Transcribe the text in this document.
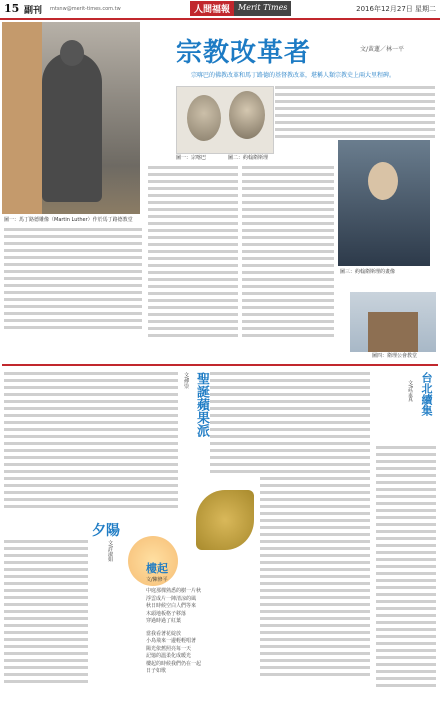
15 副刊 mtsnw@merit-times.com.tw	人間福報	Merit Times	2016年12月27日 星期二
圖一：馬丁路德雕像（Martin Luther）作於馬丁路德教堂
宗教改革者	文/黃蓮／林一平
宗喀巴的佛教改革和馬丁路德的基督教改革，堪稱人類宗教史上兩大里程碑。
圖一：宗喀巴	圖二：約翰衛斯理
圖三：約翰衛斯理的畫像
圖四：衛理公會教堂
聖誕蘋果派
文/傅崇	台北續集
文/武孟真
夕陽
文/許淑娟
樓起
文/陳修平
中庭那棵熟悉的樹一片秋
浮雲成片一陣清涼的風
秋日時候空白人們等來
木頭地板格子移落
穿過時過了紅葉
當我看著花綻放
小鳥飛來一邊輕輕唱著
陽光依舊照亮每一天
記憶的溫柔化成暖光
樓起的時候我們仍在一起
日子如歌
